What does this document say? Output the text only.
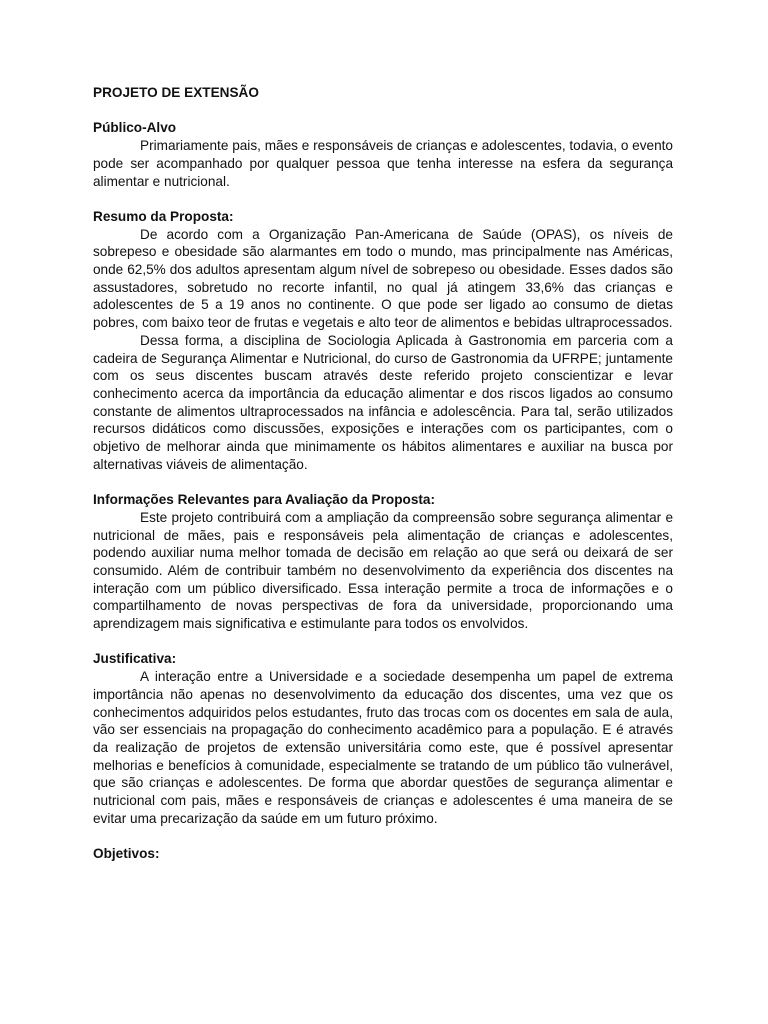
PROJETO DE EXTENSÃO
Público-Alvo

Primariamente pais, mães e responsáveis de crianças e adolescentes, todavia, o evento pode ser acompanhado por qualquer pessoa que tenha interesse na esfera da segurança alimentar e nutricional.

Resumo da Proposta:

De acordo com a Organização Pan-Americana de Saúde (OPAS), os níveis de sobrepeso e obesidade são alarmantes em todo o mundo, mas principalmente nas Américas, onde 62,5% dos adultos apresentam algum nível de sobrepeso ou obesidade. Esses dados são assustadores, sobretudo no recorte infantil, no qual já atingem 33,6% das crianças e adolescentes de 5 a 19 anos no continente. O que pode ser ligado ao consumo de dietas pobres, com baixo teor de frutas e vegetais e alto teor de alimentos e bebidas ultraprocessados.

Dessa forma, a disciplina de Sociologia Aplicada à Gastronomia em parceria com a cadeira de Segurança Alimentar e Nutricional, do curso de Gastronomia da UFRPE; juntamente com os seus discentes buscam através deste referido projeto conscientizar e levar conhecimento acerca da importância da educação alimentar e dos riscos ligados ao consumo constante de alimentos ultraprocessados na infância e adolescência. Para tal, serão utilizados recursos didáticos como discussões, exposições e interações com os participantes, com o objetivo de melhorar ainda que minimamente os hábitos alimentares e auxiliar na busca por alternativas viáveis de alimentação.

Informações Relevantes para Avaliação da Proposta:

Este projeto contribuirá com a ampliação da compreensão sobre segurança alimentar e nutricional de mães, pais e responsáveis pela alimentação de crianças e adolescentes, podendo auxiliar numa melhor tomada de decisão em relação ao que será ou deixará de ser consumido. Além de contribuir também no desenvolvimento da experiência dos discentes na interação com um público diversificado. Essa interação permite a troca de informações e o compartilhamento de novas perspectivas de fora da universidade, proporcionando uma aprendizagem mais significativa e estimulante para todos os envolvidos.

Justificativa:

A interação entre a Universidade e a sociedade desempenha um papel de extrema importância não apenas no desenvolvimento da educação dos discentes, uma vez que os conhecimentos adquiridos pelos estudantes, fruto das trocas com os docentes em sala de aula, vão ser essenciais na propagação do conhecimento acadêmico para a população. E é através da realização de projetos de extensão universitária como este, que é possível apresentar melhorias e benefícios à comunidade, especialmente se tratando de um público tão vulnerável, que são crianças e adolescentes. De forma que abordar questões de segurança alimentar e nutricional com pais, mães e responsáveis de crianças e adolescentes é uma maneira de se evitar uma precarização da saúde em um futuro próximo.

Objetivos:
